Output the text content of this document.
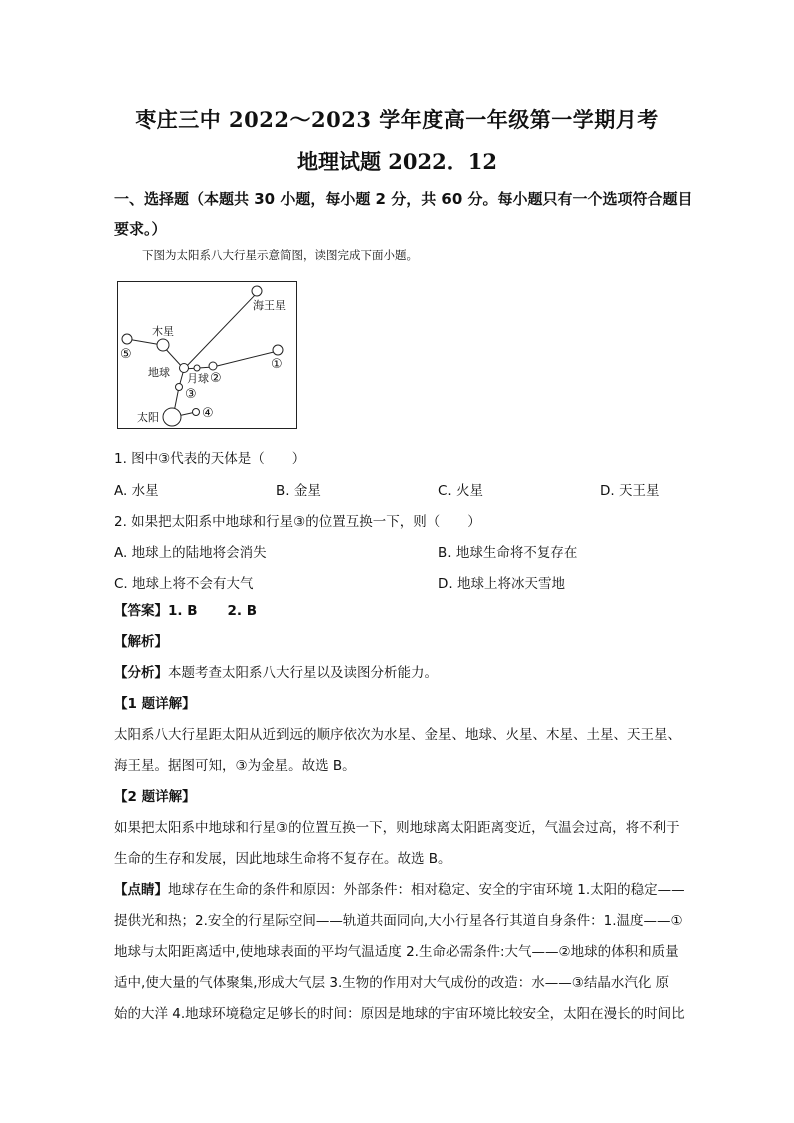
枣庄三中 2022～2023 学年度高一年级第一学期月考
地理试题 2022．12
一、选择题（本题共 30 小题，每小题 2 分，共 60 分。每小题只有一个选项符合题目
要求。）
下图为太阳系八大行星示意简图，读图完成下面小题。
海王星
木星
⑤
①
地球 月球 ②
③
太阳	④
1. 图中③代表的天体是（　　）
A. 水星	B. 金星	C. 火星	D. 天王星
2. 如果把太阳系中地球和行星③的位置互换一下，则（　　）
A. 地球上的陆地将会消失	B. 地球生命将不复存在
C. 地球上将不会有大气	D. 地球上将冰天雪地

【答案】1. B 2. B

【解析】

【分析】本题考查太阳系八大行星以及读图分析能力。

【1 题详解】

太阳系八大行星距太阳从近到远的顺序依次为水星、金星、地球、火星、木星、土星、天王星、

海王星。据图可知，③为金星。故选 B。

【2 题详解】

如果把太阳系中地球和行星③的位置互换一下，则地球离太阳距离变近，气温会过高，将不利于

生命的生存和发展，因此地球生命将不复存在。故选 B。

【点睛】地球存在生命的条件和原因：外部条件：相对稳定、安全的宇宙环境 1.太阳的稳定——

提供光和热；2.安全的行星际空间——轨道共面同向,大小行星各行其道自身条件：1.温度——①

地球与太阳距离适中,使地球表面的平均气温适度 2.生命必需条件:大气——②地球的体积和质量

适中,使大量的气体聚集,形成大气层 3.生物的作用对大气成份的改造：水——③结晶水汽化 原

始的大洋 4.地球环境稳定足够长的时间：原因是地球的宇宙环境比较安全，太阳在漫长的时间比
